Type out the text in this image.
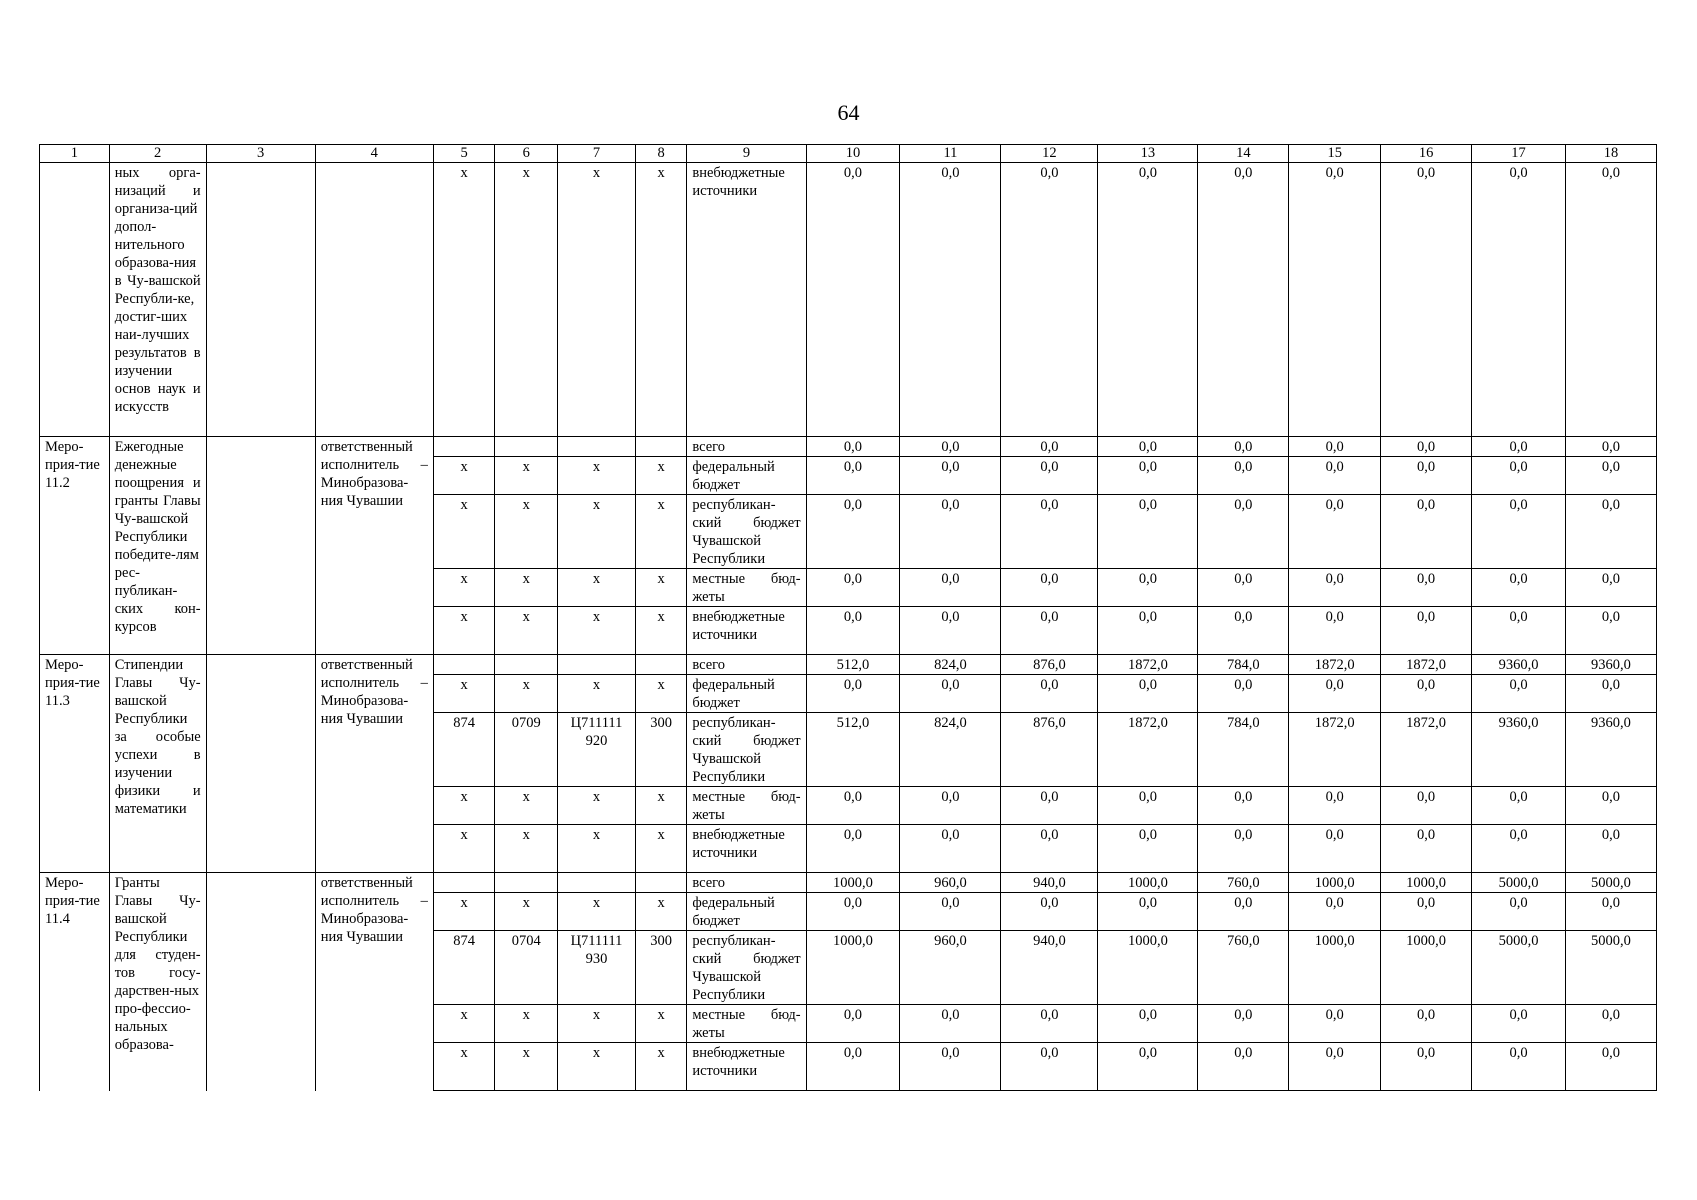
64
1	2	3	4	5	6	7	8	9	10	11	12	13	14	15	16	17	18
	ных орга-низаций и организа-ций допол-нительного образова-ния в Чу-вашской Республи-ке, достиг-ших наи-лучших результатов в изучении основ наук и искусств			х	х	х	х	внебюджетные источники	0,0	0,0	0,0	0,0	0,0	0,0	0,0	0,0	0,0
Меро-прия-тие 11.2	Ежегодные денежные поощрения и гранты Главы Чу-вашской Республики победите-лям рес-публикан-ских кон-курсов		ответственный исполнитель – Минобразова-ния Чувашии					всего	0,0	0,0	0,0	0,0	0,0	0,0	0,0	0,0	0,0
				х	х	х	х	федеральный бюджет	0,0	0,0	0,0	0,0	0,0	0,0	0,0	0,0	0,0
				х	х	х	х	республикан-ский бюджет Чувашской Республики	0,0	0,0	0,0	0,0	0,0	0,0	0,0	0,0	0,0
				х	х	х	х	местные бюд-жеты	0,0	0,0	0,0	0,0	0,0	0,0	0,0	0,0	0,0
				х	х	х	х	внебюджетные источники	0,0	0,0	0,0	0,0	0,0	0,0	0,0	0,0	0,0
Меро-прия-тие 11.3	Стипендии Главы Чу-вашской Республики за особые успехи в изучении физики и математики		ответственный исполнитель – Минобразова-ния Чувашии					всего	512,0	824,0	876,0	1872,0	784,0	1872,0	1872,0	9360,0	9360,0
				х	х	х	х	федеральный бюджет	0,0	0,0	0,0	0,0	0,0	0,0	0,0	0,0	0,0
				874	0709	Ц711111 920	300	республикан-ский бюджет Чувашской Республики	512,0	824,0	876,0	1872,0	784,0	1872,0	1872,0	9360,0	9360,0
				х	х	х	х	местные бюд-жеты	0,0	0,0	0,0	0,0	0,0	0,0	0,0	0,0	0,0
				х	х	х	х	внебюджетные источники	0,0	0,0	0,0	0,0	0,0	0,0	0,0	0,0	0,0
Меро-прия-тие 11.4	Гранты Главы Чу-вашской Республики для студен-тов госу-дарствен-ных про-фессио-нальных образова-		ответственный исполнитель – Минобразова-ния Чувашии					всего	1000,0	960,0	940,0	1000,0	760,0	1000,0	1000,0	5000,0	5000,0
				х	х	х	х	федеральный бюджет	0,0	0,0	0,0	0,0	0,0	0,0	0,0	0,0	0,0
				874	0704	Ц711111 930	300	республикан-ский бюджет Чувашской Республики	1000,0	960,0	940,0	1000,0	760,0	1000,0	1000,0	5000,0	5000,0
				х	х	х	х	местные бюд-жеты	0,0	0,0	0,0	0,0	0,0	0,0	0,0	0,0	0,0
				х	х	х	х	внебюджетные источники	0,0	0,0	0,0	0,0	0,0	0,0	0,0	0,0	0,0
